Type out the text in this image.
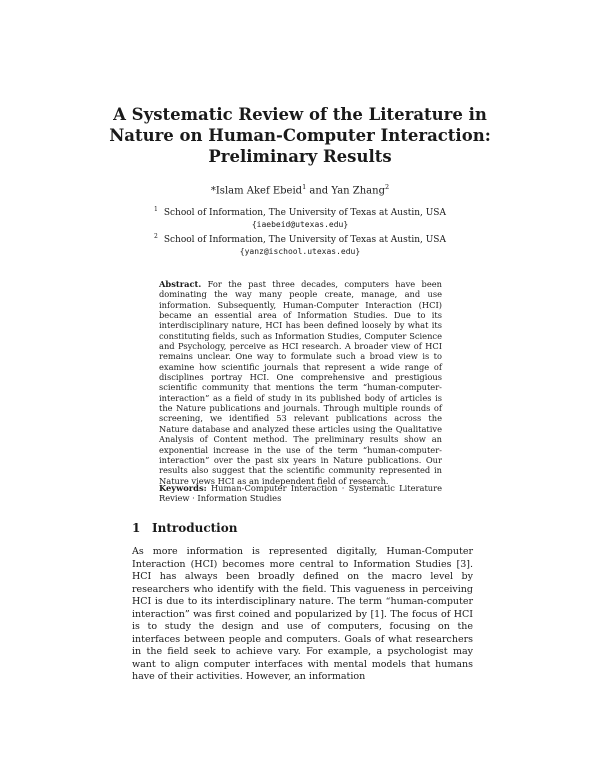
A Systematic Review of the Literature in
Nature on Human-Computer Interaction:
Preliminary Results
*Islam Akef Ebeid$^1$ and Yan Zhang$^2$
$^1$ School of Information, The University of Texas at Austin, USA
{iaebeid@utexas.edu}
$^2$ School of Information, The University of Texas at Austin, USA
{yanz@ischool.utexas.edu}
Abstract. For the past three decades, computers have been dominating the way many people create, manage, and use information. Subsequently, Human-Computer Interaction (HCI) became an essential area of Information Studies. Due to its interdisciplinary nature, HCI has been defined loosely by what its constituting fields, such as Information Studies, Computer Science and Psychology, perceive as HCI research. A broader view of HCI remains unclear. One way to formulate such a broad view is to examine how scientific journals that represent a wide range of disciplines portray HCI. One comprehensive and prestigious scientific community that mentions the term “human-computer-interaction” as a field of study in its published body of articles is the Nature publications and journals. Through multiple rounds of screening, we identified 53 relevant publications across the Nature database and analyzed these articles using the Qualitative Analysis of Content method. The preliminary results show an exponential increase in the use of the term “human-computer-interaction” over the past six years in Nature publications. Our results also suggest that the scientific community represented in Nature views HCI as an independent field of research.
Keywords: Human-Computer Interaction · Systematic Literature Review · Information Studies
1 Introduction
As more information is represented digitally, Human-Computer Interaction (HCI) becomes more central to Information Studies [3]. HCI has always been broadly defined on the macro level by researchers who identify with the field. This vagueness in perceiving HCI is due to its interdisciplinary nature. The term “human-computer interaction” was first coined and popularized by [1]. The focus of HCI is to study the design and use of computers, focusing on the interfaces between people and computers. Goals of what researchers in the field seek to achieve vary. For example, a psychologist may want to align computer interfaces with mental models that humans have of their activities. However, an information
